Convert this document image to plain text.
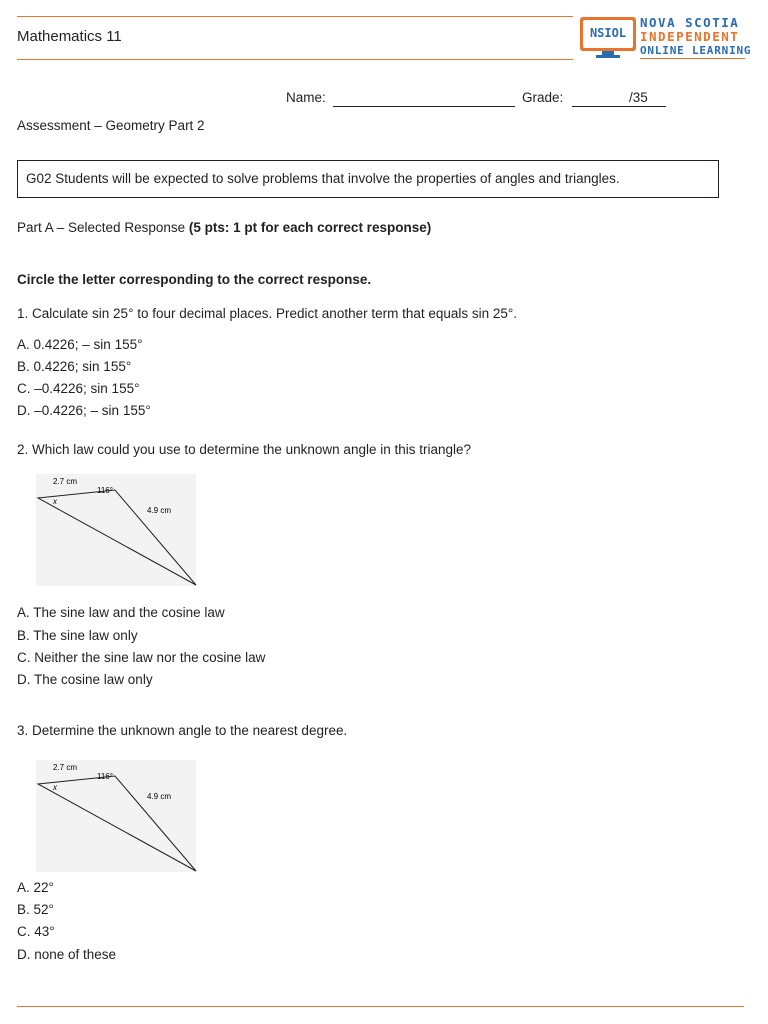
Mathematics 11	NSIOL
NOVA SCOTIA
INDEPENDENT
ONLINE LEARNING
Name:	Grade:	/35
Assessment – Geometry Part 2
G02 Students will be expected to solve problems that involve the properties of angles and triangles.
Part A – Selected Response (5 pts: 1 pt for each correct response)
Circle the letter corresponding to the correct response.
1. Calculate sin 25° to four decimal places. Predict another term that equals sin 25°.
A. 0.4226; – sin 155°
B. 0.4226; sin 155°
C. –0.4226; sin 155°
D. –0.4226; – sin 155°
2. Which law could you use to determine the unknown angle in this triangle?
2.7 cm
116°
4.9 cm
x
A. The sine law and the cosine law
B. The sine law only
C. Neither the sine law nor the cosine law
D. The cosine law only
3. Determine the unknown angle to the nearest degree.
2.7 cm
116°
4.9 cm
x
A. 22°
B. 52°
C. 43°
D. none of these
